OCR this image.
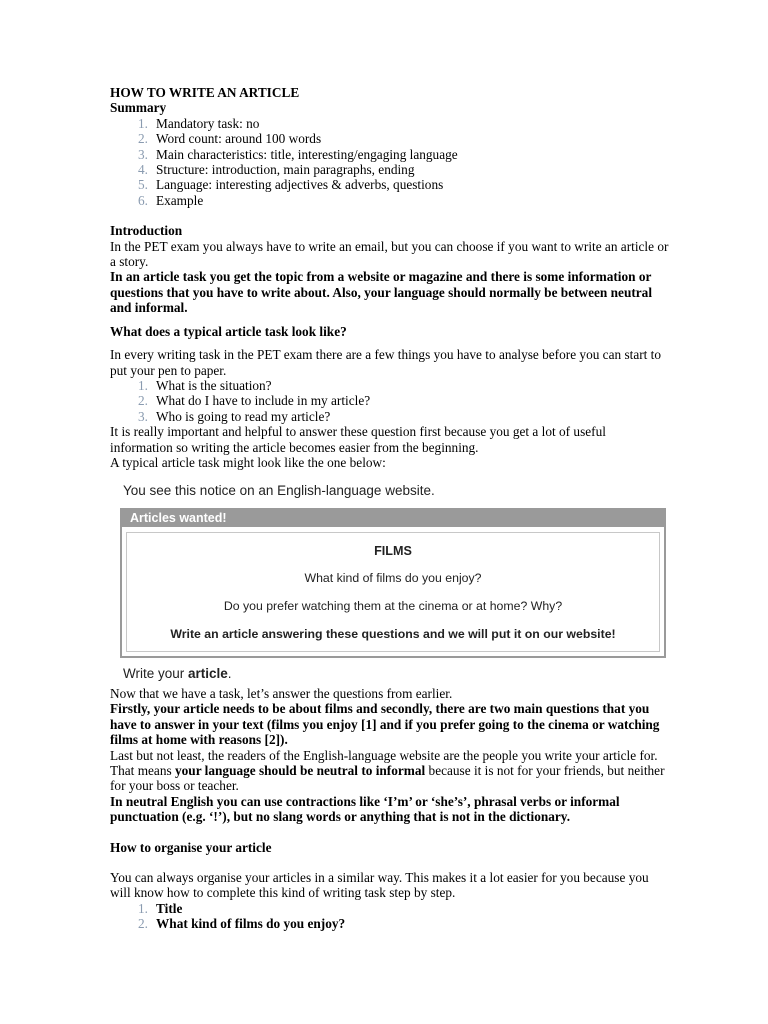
HOW TO WRITE AN ARTICLE
Summary
1. Mandatory task: no
2. Word count: around 100 words
3. Main characteristics: title, interesting/engaging language
4. Structure: introduction, main paragraphs, ending
5. Language: interesting adjectives & adverbs, questions
6. Example
Introduction

In the PET exam you always have to write an email, but you can choose if you want to write an article or a story.

In an article task you get the topic from a website or magazine and there is some information or questions that you have to write about. Also, your language should normally be between neutral and informal.

What does a typical article task look like?

In every writing task in the PET exam there are a few things you have to analyse before you can start to put your pen to paper.

1. What is the situation?
2. What do I have to include in my article?
3. Who is going to read my article?

It is really important and helpful to answer these question first because you get a lot of useful information so writing the article becomes easier from the beginning.

A typical article task might look like the one below:

You see this notice on an English-language website.
Articles wanted!
FILMS
What kind of films do you enjoy?
Do you prefer watching them at the cinema or at home? Why?
Write an article answering these questions and we will put it on our website!
Write your article.

Now that we have a task, let’s answer the questions from earlier.

Firstly, your article needs to be about films and secondly, there are two main questions that you have to answer in your text (films you enjoy [1] and if you prefer going to the cinema or watching films at home with reasons [2]).

Last but not least, the readers of the English-language website are the people you write your article for. That means your language should be neutral to informal because it is not for your friends, but neither for your boss or teacher.

In neutral English you can use contractions like ‘I’m’ or ‘she’s’, phrasal verbs or informal punctuation (e.g. ‘!’), but no slang words or anything that is not in the dictionary.

How to organise your article

You can always organise your articles in a similar way. This makes it a lot easier for you because you will know how to complete this kind of writing task step by step.

1. Title
2. What kind of films do you enjoy?
